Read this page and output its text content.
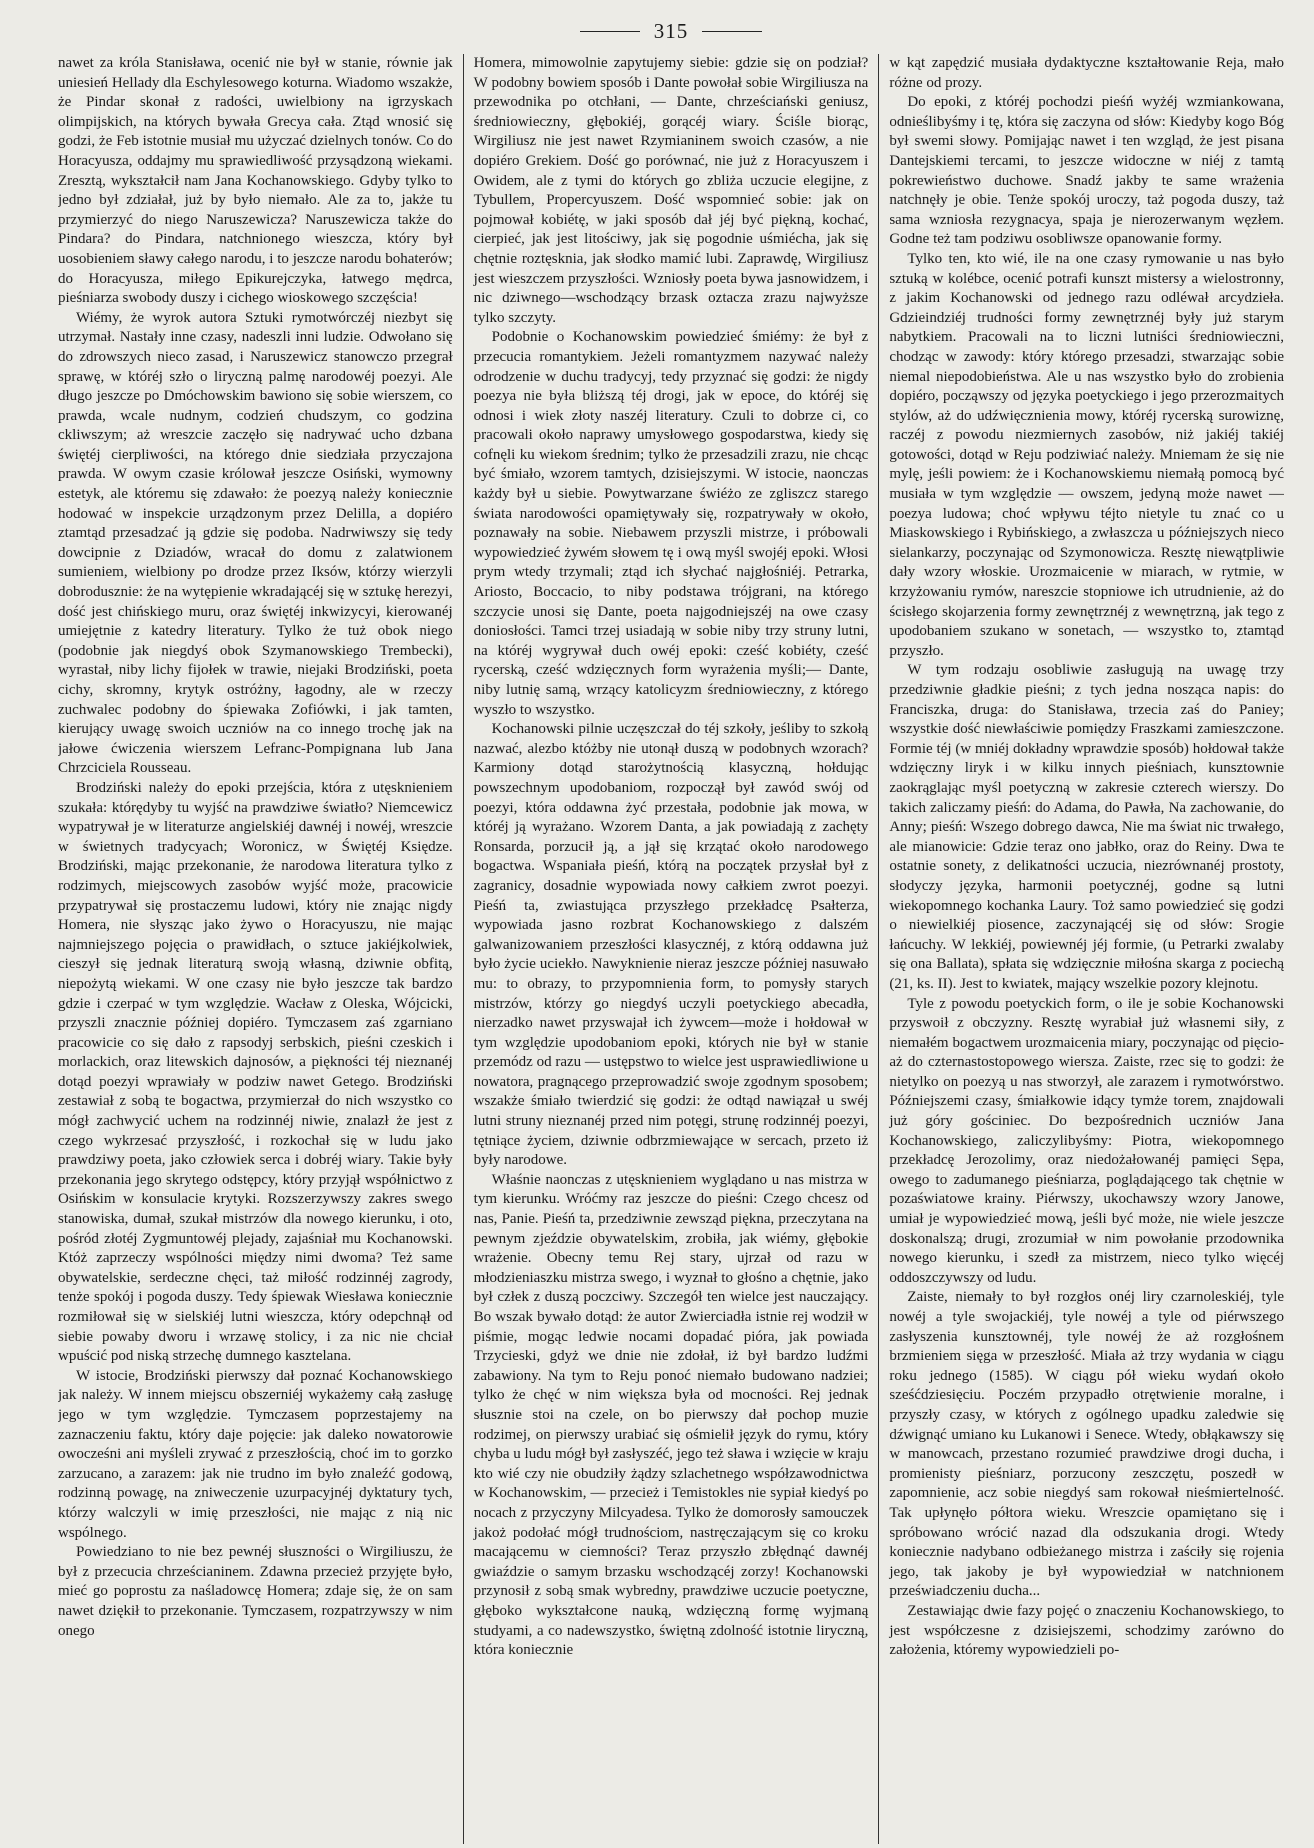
315

nawet za króla Stanisława, ocenić nie był w stanie, równie jak uniesień Hellady dla Eschylesowego koturna. Wiadomo wszakże, że Pindar skonał z radości, uwielbiony na igrzyskach olimpijskich, na których bywała Grecya cała. Ztąd wnosić się godzi, że Feb istotnie musiał mu użyczać dzielnych tonów. Co do Horacyusza, oddajmy mu sprawiedliwość przysądzoną wiekami. Zresztą, wykształcił nam Jana Kochanowskiego. Gdyby tylko to jedno był zdziałał, już by było niemało. Ale za to, jakże tu przymierzyć do niego Naruszewicza? Naruszewicza także do Pindara? do Pindara, natchnionego wieszcza, który był uosobieniem sławy całego narodu, i to jeszcze narodu bohaterów; do Horacyusza, miłego Epikurejczyka, łatwego mędrca, pieśniarza swobody duszy i cichego wioskowego szczęścia!

Wiémy, że wyrok autora Sztuki rymotwórczéj niezbyt się utrzymał. Nastały inne czasy, nadeszli inni ludzie. Odwołano się do zdrowszych nieco zasad, i Naruszewicz stanowczo przegrał sprawę, w któréj szło o liryczną palmę narodowéj poezyi. Ale długo jeszcze po Dmóchowskim bawiono się sobie wierszem, co prawda, wcale nudnym, codzień chudszym, co godzina ckliwszym; aż wreszcie zaczęło się nadrywać ucho dzbana świętéj cierpliwości, na którego dnie siedziała przyczajona prawda. W owym czasie królował jeszcze Osiński, wymowny estetyk, ale któremu się zdawało: że poezyą należy koniecznie hodować w inspekcie urządzonym przez Delilla, a dopiéro ztamtąd przesadzać ją gdzie się podoba. Nadrwiwszy się tedy dowcipnie z Dziadów, wracał do domu z zalatwionem sumieniem, wielbiony po drodze przez Iksów, którzy wierzyli dobrodusznie: że na wytępienie wkradającéj się w sztukę herezyi, dość jest chińskiego muru, oraz świętéj inkwizycyi, kierowanéj umiejętnie z katedry literatury. Tylko że tuż obok niego (podobnie jak niegdyś obok Szymanowskiego Trembecki), wyrastał, niby lichy fijołek w trawie, niejaki Brodziński, poeta cichy, skromny, krytyk ostróżny, łagodny, ale w rzeczy zuchwalec podobny do śpiewaka Zofiówki, i jak tamten, kierujący uwagę swoich uczniów na co innego trochę jak na jałowe ćwiczenia wierszem Lefranc-Pompignana lub Jana Chrzciciela Rousseau.

Brodziński należy do epoki przejścia, która z utęsknieniem szukała: którędyby tu wyjść na prawdziwe światło? Niemcewicz wypatrywał je w literaturze angielskiéj dawnéj i nowéj, wreszcie w świetnych tradycyach; Woronicz, w Świętéj Księdze. Brodziński, mając przekonanie, że narodowa literatura tylko z rodzimych, miejscowych zasobów wyjść może, pracowicie przypatrywał się prostaczemu ludowi, który nie znając nigdy Homera, nie słysząc jako żywo o Horacyuszu, nie mając najmniejszego pojęcia o prawidłach, o sztuce jakiéjkolwiek, cieszył się jednak literaturą swoją własną, dziwnie obfitą, niepożytą wiekami. W one czasy nie było jeszcze tak bardzo gdzie i czerpać w tym względzie. Wacław z Oleska, Wójcicki, przyszli znacznie później dopiéro. Tymczasem zaś zgarniano pracowicie co się dało z rapsodyj serbskich, pieśni czeskich i morlackich, oraz litewskich dajnosów, a piękności téj nieznanéj dotąd poezyi wprawiały w podziw nawet Getego. Brodziński zestawiał z sobą te bogactwa, przymierzał do nich wszystko co mógł zachwycić uchem na rodzinnéj niwie, znalazł że jest z czego wykrzesać przyszłość, i rozkochał się w ludu jako prawdziwy poeta, jako człowiek serca i dobréj wiary. Takie były przekonania jego skrytego odstępcy, który przyjął współnictwo z Osińskim w konsulacie krytyki. Rozszerzywszy zakres swego stanowiska, dumał, szukał mistrzów dla nowego kierunku, i oto, pośród złotéj Zygmuntowéj plejady, zajaśniał mu Kochanowski. Któż zaprzeczy wspólności między nimi dwoma? Też same obywatelskie, serdeczne chęci, taż miłość rodzinnéj zagrody, tenże spokój i pogoda duszy. Tedy śpiewak Wiesława koniecznie rozmiłował się w sielskiéj lutni wieszcza, który odepchnął od siebie powaby dworu i wrzawę stolicy, i za nic nie chciał wpuścić pod niską strzechę dumnego kasztelana.

W istocie, Brodziński pierwszy dał poznać Kochanowskiego jak należy. W innem miejscu obszerniéj wykażemy całą zasługę jego w tym względzie. Tymczasem poprzestajemy na zaznaczeniu faktu, który daje pojęcie: jak daleko nowatorowie owocześni ani myśleli zrywać z przeszłością, choć im to gorzko zarzucano, a zarazem: jak nie trudno im było znaleźć godową, rodzinną powagę, na zniweczenie uzurpacyjnéj dyktatury tych, którzy walczyli w imię przeszłości, nie mając z nią nic wspólnego.

Powiedziano to nie bez pewnéj słuszności o Wirgiliuszu, że był z przecucia chrześcianinem. Zdawna przecież przyjęte było, mieć go poprostu za naśladowcę Homera; zdaje się, że on sam nawet dziękił to przekonanie. Tymczasem, rozpatrzywszy w nim onego

Homera, mimowolnie zapytujemy siebie: gdzie się on podział? W podobny bowiem sposób i Dante powołał sobie Wirgiliusza na przewodnika po otchłani, — Dante, chrześciański geniusz, średniowieczny, głębokiéj, gorącéj wiary. Ściśle biorąc, Wirgiliusz nie jest nawet Rzymianinem swoich czasów, a nie dopiéro Grekiem. Dość go porównać, nie już z Horacyuszem i Owidem, ale z tymi do których go zbliża uczucie elegijne, z Tybullem, Propercyuszem. Dość wspomnieć sobie: jak on pojmował kobiétę, w jaki sposób dał jéj być piękną, kochać, cierpieć, jak jest litościwy, jak się pogodnie uśmiécha, jak się chętnie roztęsknia, jak słodko mamić lubi. Zaprawdę, Wirgiliusz jest wieszczem przyszłości. Wzniosły poeta bywa jasnowidzem, i nic dziwnego—wschodzący brzask oztacza zrazu najwyższe tylko szczyty.

Podobnie o Kochanowskim powiedzieć śmiémy: że był z przecucia romantykiem. Jeżeli romantyzmem nazywać należy odrodzenie w duchu tradycyj, tedy przyznać się godzi: że nigdy poezya nie była bliższą téj drogi, jak w epoce, do któréj się odnosi i wiek złoty naszéj literatury. Czuli to dobrze ci, co pracowali około naprawy umysłowego gospodarstwa, kiedy się cofnęli ku wiekom średnim; tylko że przesadzili zrazu, nie chcąc być śmiało, wzorem tamtych, dzisiejszymi. W istocie, naonczas każdy był u siebie. Powytwarzane świéżo ze zgliszcz starego świata narodowości opamiętywały się, rozpatrywały w około, poznawały na sobie. Niebawem przyszli mistrze, i próbowali wypowiedzieć żywém słowem tę i ową myśl swojéj epoki. Włosi prym wtedy trzymali; ztąd ich słychać najgłośniéj. Petrarka, Ariosto, Boccacio, to niby podstawa trójgrani, na którego szczycie unosi się Dante, poeta najgodniejszéj na owe czasy doniosłości. Tamci trzej usiadają w sobie niby trzy struny lutni, na któréj wygrywał duch owéj epoki: cześć kobiéty, cześć rycerską, cześć wdzięcznych form wyrażenia myśli;— Dante, niby lutnię samą, wrzący katolicyzm średniowieczny, z którego wyszło to wszystko.

Kochanowski pilnie uczęszczał do téj szkoły, jeśliby to szkołą nazwać, alezbo któżby nie utonął duszą w podobnych wzorach? Karmiony dotąd starożytnością klasyczną, hołdując powszechnym upodobaniom, rozpoczął był zawód swój od poezyi, która oddawna żyć przestała, podobnie jak mowa, w któréj ją wyrażano. Wzorem Danta, a jak powiadają z zachęty Ronsarda, porzucił ją, a jął się krzątać około narodowego bogactwa. Wspaniała pieśń, którą na początek przysłał był z zagranicy, dosadnie wypowiada nowy całkiem zwrot poezyi. Pieśń ta, zwiastująca przyszłego przekładcę Psałterza, wypowiada jasno rozbrat Kochanowskiego z dalszém galwanizowaniem przeszłości klasycznéj, z którą oddawna już było życie uciekło. Nawyknienie nieraz jeszcze później nasuwało mu: to obrazy, to przypomnienia form, to pomysły starych mistrzów, którzy go niegdyś uczyli poetyckiego abecadła, nierzadko nawet przyswajał ich żywcem—może i hołdował w tym względzie upodobaniom epoki, których nie był w stanie przemódz od razu — ustępstwo to wielce jest usprawiedliwione u nowatora, pragnącego przeprowadzić swoje zgodnym sposobem; wszakże śmiało twierdzić się godzi: że odtąd nawiązał u swéj lutni struny nieznanéj przed nim potęgi, strunę rodzinnéj poezyi, tętniące życiem, dziwnie odbrzmiewające w sercach, przeto iż były narodowe.

Właśnie naonczas z utęsknieniem wyglądano u nas mistrza w tym kierunku. Wróćmy raz jeszcze do pieśni: Czego chcesz od nas, Panie. Pieśń ta, przedziwnie zewsząd piękna, przeczytana na pewnym zjeździe obywatelskim, zrobiła, jak wiémy, głębokie wrażenie. Obecny temu Rej stary, ujrzał od razu w młodzieniaszku mistrza swego, i wyznał to głośno a chętnie, jako był człek z duszą poczciwy. Szczegół ten wielce jest nauczający. Bo wszak bywało dotąd: że autor Zwierciadła istnie rej wodził w piśmie, mogąc ledwie nocami dopadać pióra, jak powiada Trzycieski, gdyż we dnie nie zdołał, iż był bardzo ludźmi zabawiony. Na tym to Reju ponoć niemało budowano nadziei; tylko że chęć w nim większa była od mocności. Rej jednak słusznie stoi na czele, on bo pierwszy dał pochop muzie rodzimej, on pierwszy urabiać się ośmielił język do rymu, który chyba u ludu mógł był zasłyszéć, jego też sława i wzięcie w kraju kto wié czy nie obudziły żądzy szlachetnego współzawodnictwa w Kochanowskim, — przecież i Temistokles nie sypiał kiedyś po nocach z przyczyny Milcyadesa. Tylko że domorosły samouczek jakoż podołać mógł trudnościom, nastręczającym się co kroku macającemu w ciemności? Teraz przyszło zbłędnąć dawnéj gwiaździe o samym brzasku wschodzącéj zorzy! Kochanowski przynosił z sobą smak wybredny, prawdziwe uczucie poetyczne, głęboko wykształcone nauką, wdzięczną formę wyjmaną studyami, a co nadewszystko, świętną zdolność istotnie liryczną, która koniecznie

w kąt zapędzić musiała dydaktyczne kształtowanie Reja, mało różne od prozy.

Do epoki, z któréj pochodzi pieśń wyżéj wzmiankowana, odnieślibyśmy i tę, która się zaczyna od słów: Kiedyby kogo Bóg był swemi słowy. Pomijając nawet i ten wzgląd, że jest pisana Dantejskiemi tercami, to jeszcze widoczne w niéj z tamtą pokrewieństwo duchowe. Snadź jakby te same wrażenia natchnęły je obie. Tenże spokój uroczy, taż pogoda duszy, taż sama wzniosła rezygnacya, spaja je nierozerwanym węzłem. Godne też tam podziwu osobliwsze opanowanie formy.

Tylko ten, kto wié, ile na one czasy rymowanie u nas było sztuką w kolébce, ocenić potrafi kunszt mistersy a wielostronny, z jakim Kochanowski od jednego razu odléwał arcydzieła. Gdzieindziéj trudności formy zewnętrznéj były już starym nabytkiem. Pracowali na to liczni lutniści średniowieczni, chodząc w zawody: który którego przesadzi, stwarzając sobie niemal niepodobieństwa. Ale u nas wszystko było do zrobienia dopiéro, począwszy od języka poetyckiego i jego przerozmaitych stylów, aż do udźwięcznienia mowy, któréj rycerską surowiznę, raczéj z powodu niezmiernych zasobów, niż jakiéj takiéj gotowości, dotąd w Reju podziwiać należy. Mniemam że się nie mylę, jeśli powiem: że i Kochanowskiemu niemałą pomocą być musiała w tym względzie — owszem, jedyną może nawet — poezya ludowa; choć wpływu téjto nietyle tu znać co u Miaskowskiego i Rybińskiego, a zwłaszcza u późniejszych nieco sielankarzy, poczynając od Szymonowicza. Resztę niewątpliwie dały wzory włoskie. Urozmaicenie w miarach, w rytmie, w krzyżowaniu rymów, nareszcie stopniowe ich utrudnienie, aż do ścisłego skojarzenia formy zewnętrznéj z wewnętrzną, jak tego z upodobaniem szukano w sonetach, — wszystko to, ztamtąd przyszło.

W tym rodzaju osobliwie zasługują na uwagę trzy przedziwnie gładkie pieśni; z tych jedna nosząca napis: do Franciszka, druga: do Stanisława, trzecia zaś do Paniey; wszystkie dość niewłaściwie pomiędzy Fraszkami zamieszczone. Formie téj (w mniéj dokładny wprawdzie sposób) hołdował także wdzięczny liryk i w kilku innych pieśniach, kunsztownie zaokrąglając myśl poetyczną w zakresie czterech wierszy. Do takich zaliczamy pieśń: do Adama, do Pawła, Na zachowanie, do Anny; pieśń: Wszego dobrego dawca, Nie ma świat nic trwałego, ale mianowicie: Gdzie teraz ono jabłko, oraz do Reiny. Dwa te ostatnie sonety, z delikatności uczucia, niezrównanéj prostoty, słodyczy języka, harmonii poetycznéj, godne są lutni wiekopomnego kochanka Laury. Toż samo powiedzieć się godzi o niewielkiéj piosence, zaczynającéj się od słów: Srogie łańcuchy. W lekkiéj, powiewnéj jéj formie, (u Petrarki zwalaby się ona Ballata), spłata się wdzięcznie miłośna skarga z pociechą (21, ks. II). Jest to kwiatek, mający wszelkie pozory klejnotu.

Tyle z powodu poetyckich form, o ile je sobie Kochanowski przyswoił z obczyzny. Resztę wyrabiał już własnemi siły, z niemałém bogactwem urozmaicenia miary, poczynając od pięcio-aż do czternastostopowego wiersza. Zaiste, rzec się to godzi: że nietylko on poezyą u nas stworzył, ale zarazem i rymotwórstwo. Późniejszemi czasy, śmiałkowie idący tymże torem, znajdowali już góry gościniec. Do bezpośrednich uczniów Jana Kochanowskiego, zaliczylibyśmy: Piotra, wiekopomnego przekładcę Jerozolimy, oraz niedożałowanéj pamięci Sępa, owego to zadumanego pieśniarza, poglądającego tak chętnie w pozaświatowe krainy. Piérwszy, ukochawszy wzory Janowe, umiał je wypowiedzieć mową, jeśli być może, nie wiele jeszcze doskonalszą; drugi, zrozumiał w nim powołanie przodownika nowego kierunku, i szedł za mistrzem, nieco tylko więcéj oddoszczywszy od ludu.

Zaiste, niemały to był rozgłos onéj liry czarnoleskiéj, tyle nowéj a tyle swojackiéj, tyle nowéj a tyle od piérwszego zasłyszenia kunsztownéj, tyle nowéj że aż rozgłośnem brzmieniem sięga w przeszłość. Miała aż trzy wydania w ciągu roku jednego (1585). W ciągu pół wieku wydań około sześćdziesięciu. Poczém przypadło otrętwienie moralne, i przyszły czasy, w których z ogólnego upadku zaledwie się dźwignąć umiano ku Lukanowi i Senece. Wtedy, obłąkawszy się w manowcach, przestano rozumieć prawdziwe drogi ducha, i promienisty pieśniarz, porzucony zeszczętu, poszedł w zapomnienie, acz sobie niegdyś sam rokował nieśmiertelność. Tak upłynęło półtora wieku. Wreszcie opamiętano się i spróbowano wrócić nazad dla odszukania drogi. Wtedy koniecznie nadybano odbieżanego mistrza i zaściły się rojenia jego, tak jakoby je był wypowiedział w natchnionem przeświadczeniu ducha...

Zestawiając dwie fazy pojęć o znaczeniu Kochanowskiego, to jest współczesne z dzisiejszemi, schodzimy zarówno do założenia, któremy wypowiedzieli po-
